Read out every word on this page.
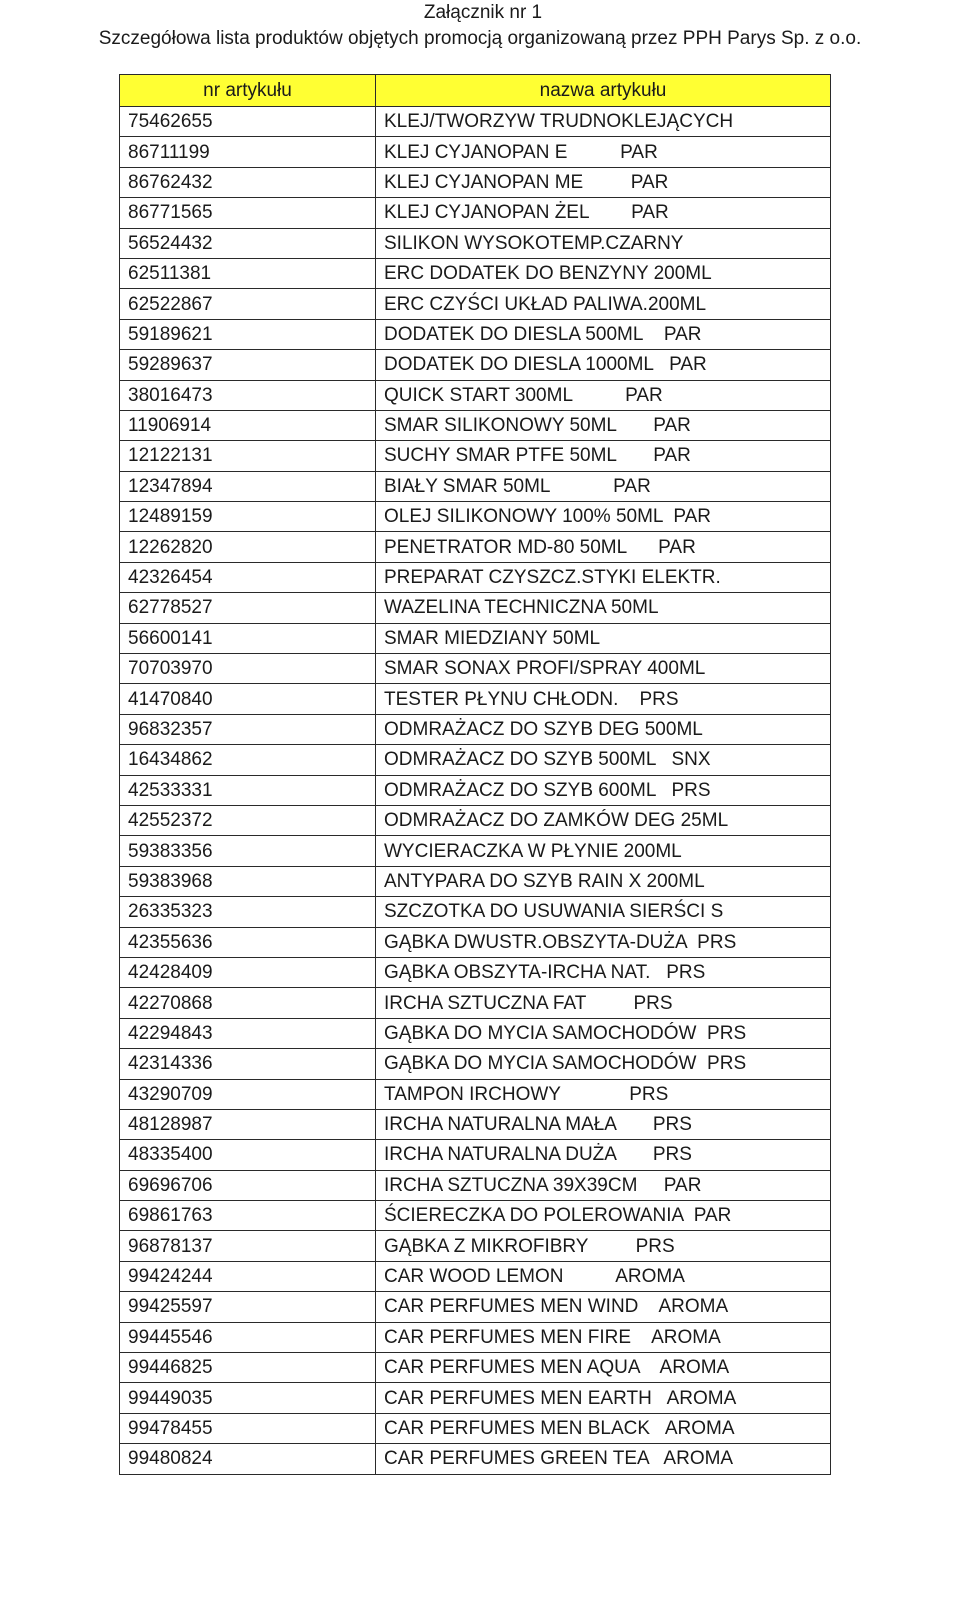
Załącznik nr 1

Szczegółowa lista produktów objętych promocją organizowaną przez PPH Parys Sp. z o.o.

nr artykułu	nazwa artykułu
75462655	KLEJ/TWORZYW TRUDNOKLEJĄCYCH
86711199	KLEJ CYJANOPAN E          PAR
86762432	KLEJ CYJANOPAN ME         PAR
86771565	KLEJ CYJANOPAN ŻEL        PAR
56524432	SILIKON WYSOKOTEMP.CZARNY
62511381	ERC DODATEK DO BENZYNY 200ML
62522867	ERC CZYŚCI UKŁAD PALIWA.200ML
59189621	DODATEK DO DIESLA 500ML    PAR
59289637	DODATEK DO DIESLA 1000ML   PAR
38016473	QUICK START 300ML          PAR
11906914	SMAR SILIKONOWY 50ML       PAR
12122131	SUCHY SMAR PTFE 50ML       PAR
12347894	BIAŁY SMAR 50ML            PAR
12489159	OLEJ SILIKONOWY 100% 50ML  PAR
12262820	PENETRATOR MD-80 50ML      PAR
42326454	PREPARAT CZYSZCZ.STYKI ELEKTR.
62778527	WAZELINA TECHNICZNA 50ML
56600141	SMAR MIEDZIANY 50ML
70703970	SMAR SONAX PROFI/SPRAY 400ML
41470840	TESTER PŁYNU CHŁODN.    PRS
96832357	ODMRAŻACZ DO SZYB DEG 500ML
16434862	ODMRAŻACZ DO SZYB 500ML   SNX
42533331	ODMRAŻACZ DO SZYB 600ML   PRS
42552372	ODMRAŻACZ DO ZAMKÓW DEG 25ML
59383356	WYCIERACZKA W PŁYNIE 200ML
59383968	ANTYPARA DO SZYB RAIN X 200ML
26335323	SZCZOTKA DO USUWANIA SIERŚCI S
42355636	GĄBKA DWUSTR.OBSZYTA-DUŻA  PRS
42428409	GĄBKA OBSZYTA-IRCHA NAT.   PRS
42270868	IRCHA SZTUCZNA FAT         PRS
42294843	GĄBKA DO MYCIA SAMOCHODÓW  PRS
42314336	GĄBKA DO MYCIA SAMOCHODÓW  PRS
43290709	TAMPON IRCHOWY             PRS
48128987	IRCHA NATURALNA MAŁA       PRS
48335400	IRCHA NATURALNA DUŻA       PRS
69696706	IRCHA SZTUCZNA 39X39CM     PAR
69861763	ŚCIERECZKA DO POLEROWANIA  PAR
96878137	GĄBKA Z MIKROFIBRY         PRS
99424244	CAR WOOD LEMON          AROMA
99425597	CAR PERFUMES MEN WIND    AROMA
99445546	CAR PERFUMES MEN FIRE    AROMA
99446825	CAR PERFUMES MEN AQUA    AROMA
99449035	CAR PERFUMES MEN EARTH   AROMA
99478455	CAR PERFUMES MEN BLACK   AROMA
99480824	CAR PERFUMES GREEN TEA   AROMA
